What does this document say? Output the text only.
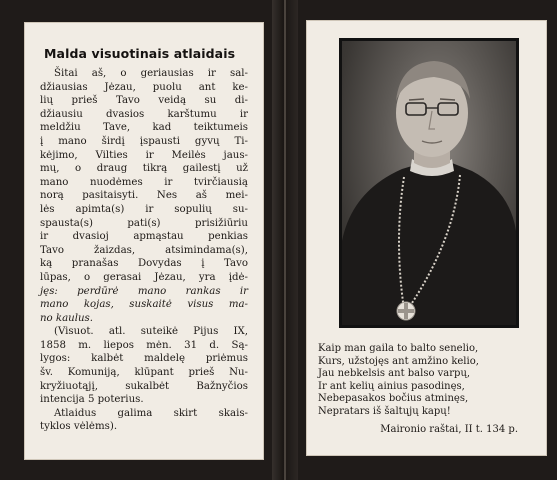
Malda visuotinais atlaidais
Šitai aš, o geriausias ir sal-
džiausias Jėzau, puolu ant ke-
lių prieš Tavo veidą su di-
džiausiu dvasios karštumu ir
meldžiu Tave, kad teiktumeis
į mano širdį įspausti gyvų Ti-
kėjimo, Vilties ir Meilės jaus-
mų, o draug tikrą gailestį už
mano nuodėmes ir tvirčiausią
norą pasitaisyti. Nes aš mei-
lės apimta(s) ir sopulių su-
spausta(s) pati(s) prisižiūriu
ir dvasioj apmąstau penkias
Tavo žaizdas, atsimindama(s),
ką pranašas Dovydas į Tavo
lūpas, o gerasai Jėzau, yra įdė-
jęs: perdūrė mano rankas ir
mano kojas, suskaitė visus ma-
no kaulus.
(Visuot. atl. suteikė Pijus IX,
1858 m. liepos mėn. 31 d. Są-
lygos: kalbėt maldelę priėmus
šv. Komuniją, klūpant prieš Nu-
kryžiuotąjį, sukalbėt Bažnyčios
intencija 5 poterius.
Atlaidus galima skirt skais-
tyklos vėlėms).
Kaip man gaila to balto senelio,
Kurs, užstojęs ant amžino kelio,
Jau nebkelsis ant balso varpų,
Ir ant kelių ainius pasodinęs,
Nebepasakos bočius atminęs,
Nepratars iš šaltųjų kapų!
Maironio raštai, II t. 134 p.
